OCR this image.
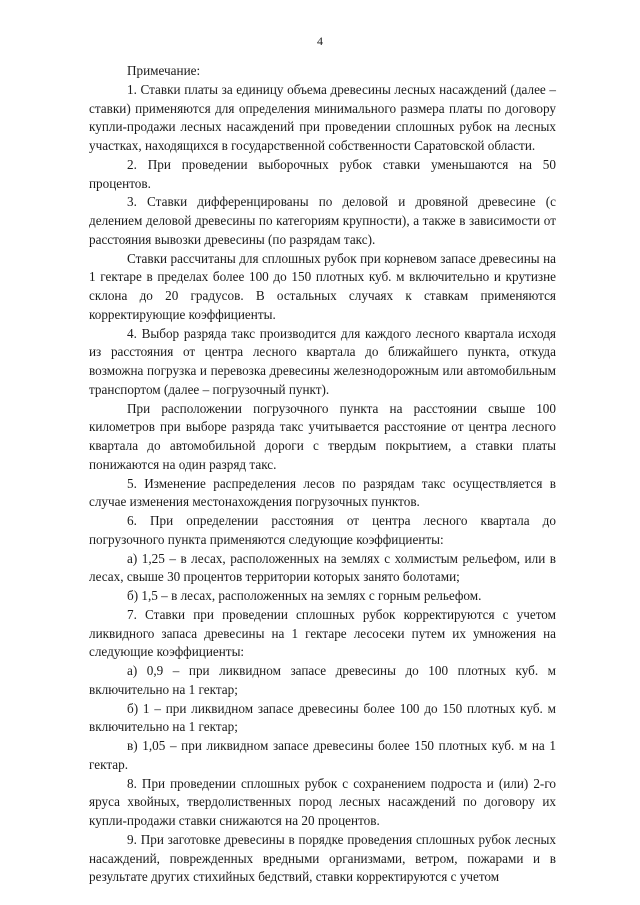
4

Примечание:

1. Ставки платы за единицу объема древесины лесных насаждений (далее – ставки) применяются для определения минимального размера платы по договору купли-продажи лесных насаждений при проведении сплошных рубок на лесных участках, находящихся в государственной собственности Саратовской области.

2. При проведении выборочных рубок ставки уменьшаются на 50 процентов.

3. Ставки дифференцированы по деловой и дровяной древесине (с делением деловой древесины по категориям крупности), а также в зависимости от расстояния вывозки древесины (по разрядам такс).

Ставки рассчитаны для сплошных рубок при корневом запасе древесины на 1 гектаре в пределах более 100 до 150 плотных куб. м включительно и крутизне склона до 20 градусов. В остальных случаях к ставкам применяются корректирующие коэффициенты.

4. Выбор разряда такс производится для каждого лесного квартала исходя из расстояния от центра лесного квартала до ближайшего пункта, откуда возможна погрузка и перевозка древесины железнодорожным или автомобильным транспортом (далее – погрузочный пункт).

При расположении погрузочного пункта на расстоянии свыше 100 километров при выборе разряда такс учитывается расстояние от центра лесного квартала до автомобильной дороги с твердым покрытием, а ставки платы понижаются на один разряд такс.

5. Изменение распределения лесов по разрядам такс осуществляется в случае изменения местонахождения погрузочных пунктов.

6. При определении расстояния от центра лесного квартала до погрузочного пункта применяются следующие коэффициенты:

а) 1,25 – в лесах, расположенных на землях с холмистым рельефом, или в лесах, свыше 30 процентов территории которых занято болотами;

б) 1,5 – в лесах, расположенных на землях с горным рельефом.

7. Ставки при проведении сплошных рубок корректируются с учетом ликвидного запаса древесины на 1 гектаре лесосеки путем их умножения на следующие коэффициенты:

а) 0,9 – при ликвидном запасе древесины до 100 плотных куб. м включительно на 1 гектар;

б) 1 – при ликвидном запасе древесины более 100 до 150 плотных куб. м включительно на 1 гектар;

в) 1,05 – при ликвидном запасе древесины более 150 плотных куб. м на 1 гектар.

8. При проведении сплошных рубок с сохранением подроста и (или) 2-го яруса хвойных, твердолиственных пород лесных насаждений по договору их купли-продажи ставки снижаются на 20 процентов.

9. При заготовке древесины в порядке проведения сплошных рубок лесных насаждений, поврежденных вредными организмами, ветром, пожарами и в результате других стихийных бедствий, ставки корректируются с учетом
